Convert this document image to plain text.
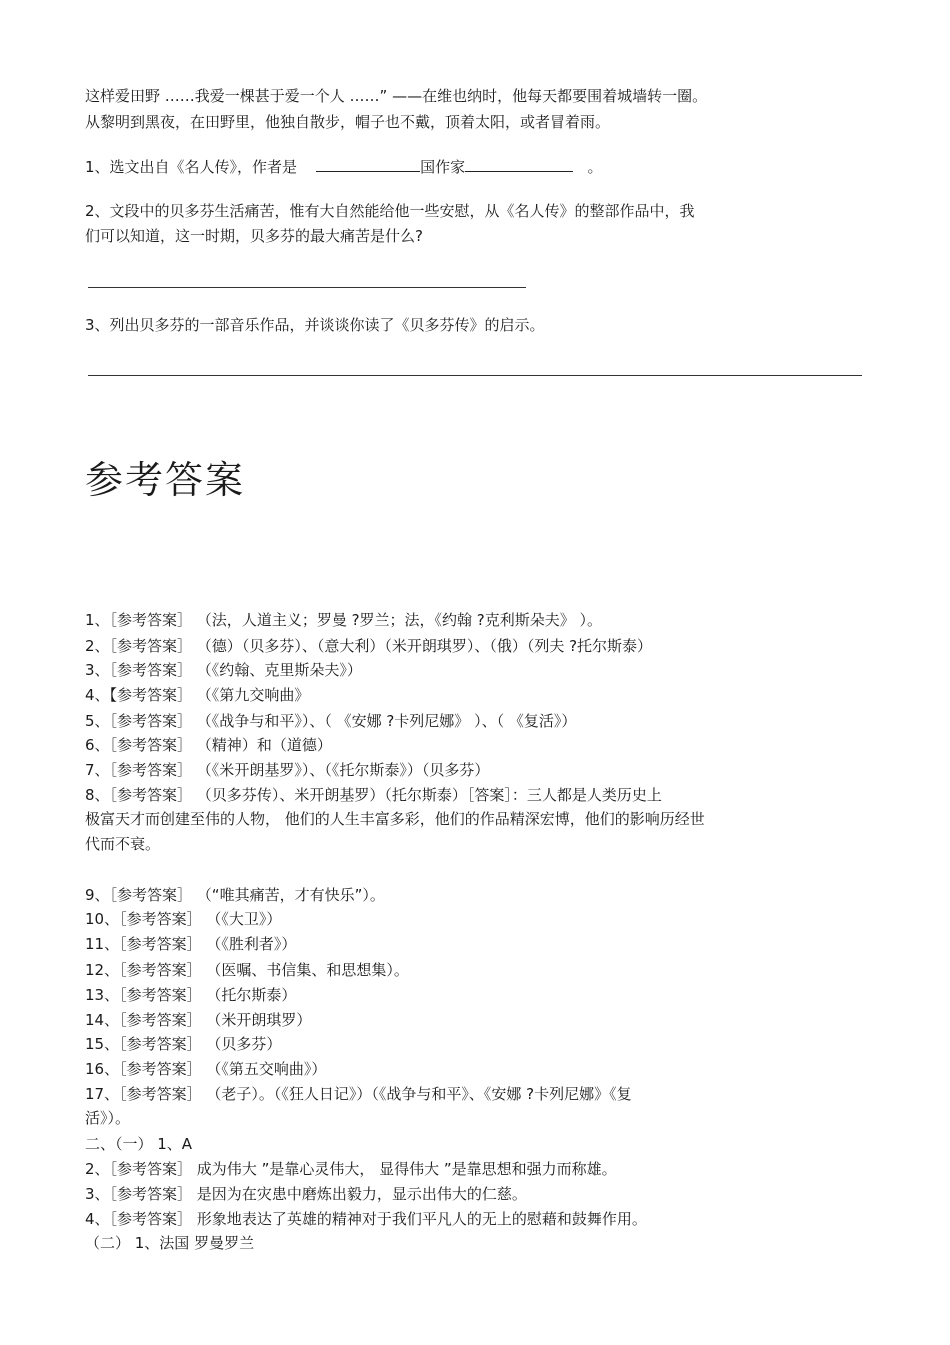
这样爱田野 ……我爱一棵甚于爱一个人 ……” ——在维也纳时，他每天都要围着城墙转一圈。
从黎明到黑夜，在田野里，他独自散步，帽子也不戴，顶着太阳，或者冒着雨。
1、选文出自《名人传》，作者是	国作家	。
2、文段中的贝多芬生活痛苦，惟有大自然能给他一些安慰，从《名人传》的整部作品中，我
们可以知道，这一时期，贝多芬的最大痛苦是什么?
3、列出贝多芬的一部音乐作品，并谈谈你读了《贝多芬传》的启示。
参考答案
1、［参考答案］ （法，人道主义；罗曼 ?罗兰；法，《约翰 ?克利斯朵夫》 ）。
2、［参考答案］ （德）（贝多芬）、（意大利）（米开朗琪罗）、（俄）（列夫 ?托尔斯泰）
3、［参考答案］ （《约翰、克里斯朵夫》）
4、【参考答案］ （《第九交响曲》
5、［参考答案］ （《战争与和平》）、（ 《安娜 ?卡列尼娜》 ）、（ 《复活》）
6、［参考答案］ （精神）和（道德）
7、［参考答案］ （《米开朗基罗》）、（《托尔斯泰》）（贝多芬）
8、［参考答案］ （贝多芬传）、米开朗基罗）（托尔斯泰）［答案］：三人都是人类历史上
极富天才而创建至伟的人物， 他们的人生丰富多彩，他们的作品精深宏博，他们的影响历经世
代而不衰。
9、［参考答案］ （“唯其痛苦，才有快乐”）。
10、［参考答案］ （《大卫》）
11、［参考答案］ （《胜利者》）
12、［参考答案］ （医嘱、书信集、和思想集）。
13、［参考答案］ （托尔斯泰）
14、［参考答案］ （米开朗琪罗）
15、［参考答案］ （贝多芬）
16、［参考答案］ （《第五交响曲》）
17、［参考答案］ （老子）。（《狂人日记》）（《战争与和平》、《安娜 ?卡列尼娜》《复
活》）。
二、（一） 1、A
2、［参考答案］ 成为伟大 ”是靠心灵伟大， 显得伟大 ”是靠思想和强力而称雄。
3、［参考答案］ 是因为在灾患中磨炼出毅力，显示出伟大的仁慈。
4、［参考答案］ 形象地表达了英雄的精神对于我们平凡人的无上的慰藉和鼓舞作用。
（二） 1、法国 罗曼罗兰
